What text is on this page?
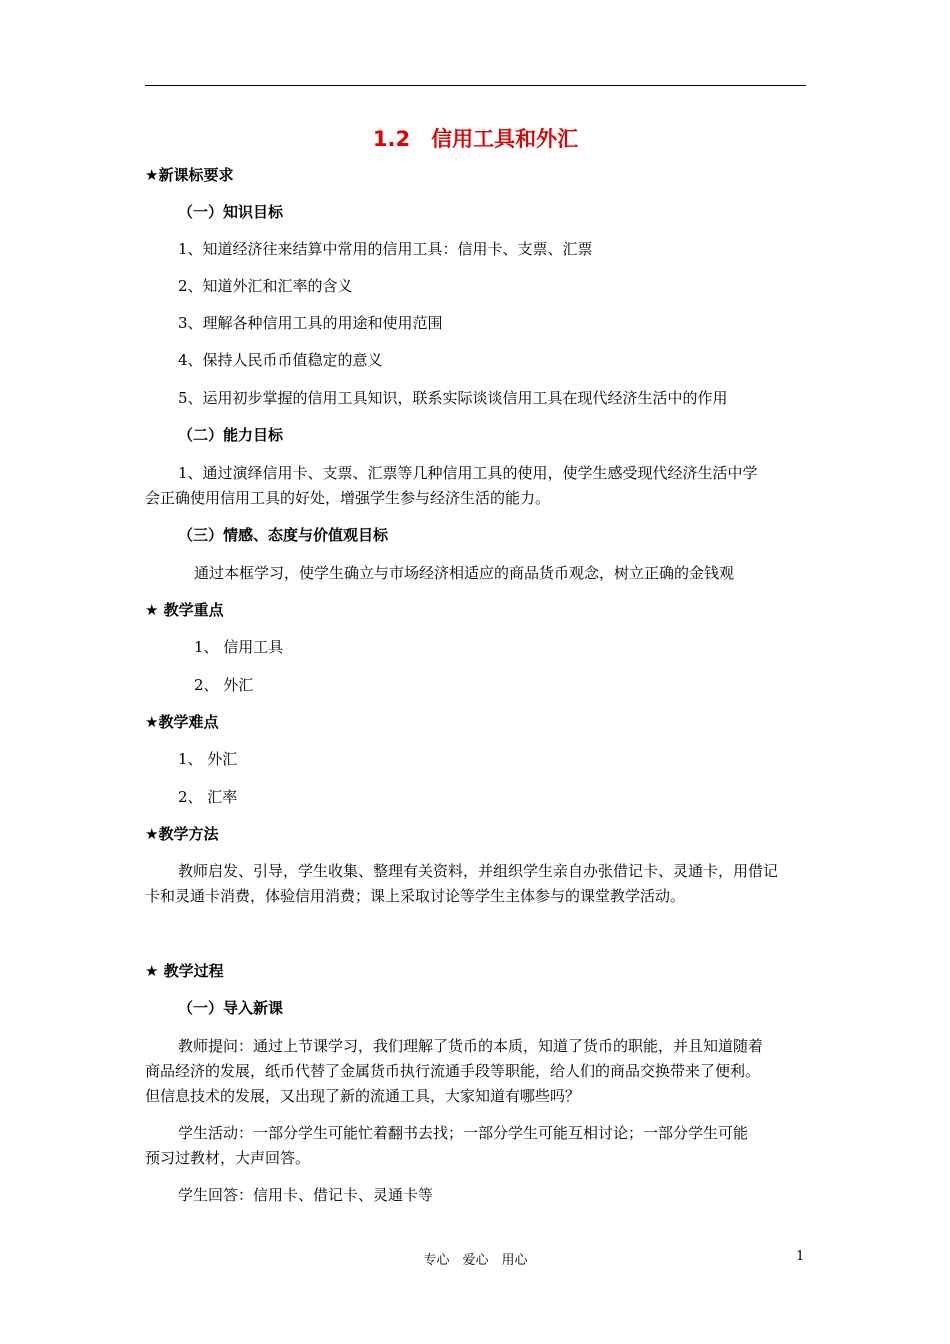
1.2　信用工具和外汇
★新课标要求
（一）知识目标
1、知道经济往来结算中常用的信用工具：信用卡、支票、汇票
2、知道外汇和汇率的含义
3、理解各种信用工具的用途和使用范围
4、保持人民币币值稳定的意义
5、运用初步掌握的信用工具知识，联系实际谈谈信用工具在现代经济生活中的作用
（二）能力目标
1、通过演绎信用卡、支票、汇票等几种信用工具的使用，使学生感受现代经济生活中学
会正确使用信用工具的好处，增强学生参与经济生活的能力。
（三）情感、态度与价值观目标
通过本框学习，使学生确立与市场经济相适应的商品货币观念，树立正确的金钱观
★ 教学重点
1、 信用工具
2、 外汇
★教学难点
1、 外汇
2、 汇率
★教学方法
教师启发、引导，学生收集、整理有关资料，并组织学生亲自办张借记卡、灵通卡，用借记
卡和灵通卡消费，体验信用消费；课上采取讨论等学生主体参与的课堂教学活动。
★ 教学过程
（一）导入新课
教师提问：通过上节课学习，我们理解了货币的本质，知道了货币的职能，并且知道随着
商品经济的发展，纸币代替了金属货币执行流通手段等职能，给人们的商品交换带来了便利。
但信息技术的发展，又出现了新的流通工具，大家知道有哪些吗？
学生活动：一部分学生可能忙着翻书去找；一部分学生可能互相讨论；一部分学生可能
预习过教材，大声回答。
学生回答：信用卡、借记卡、灵通卡等
专心　爱心　用心	1
